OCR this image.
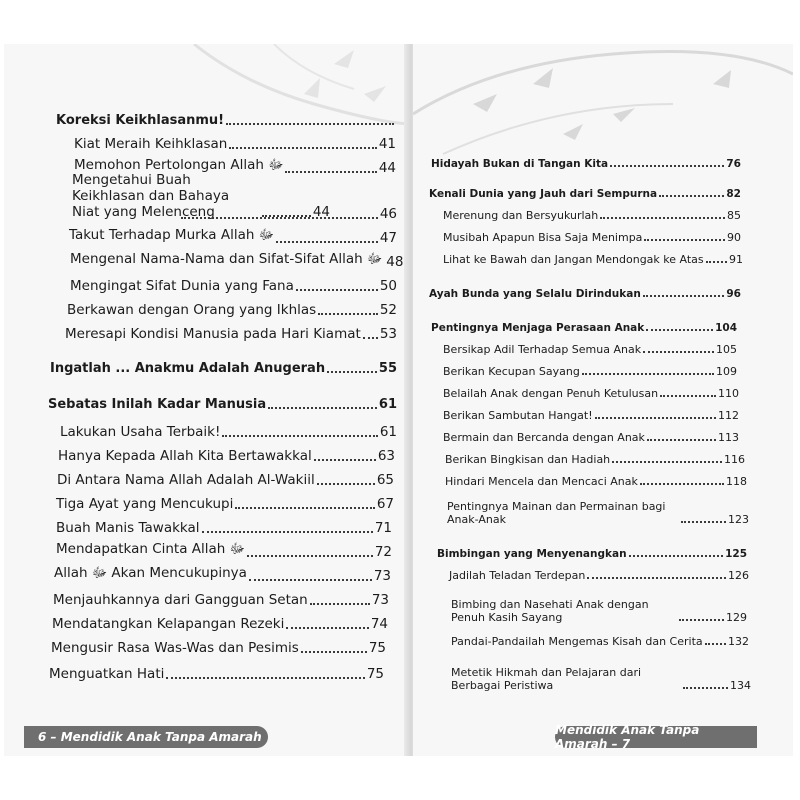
Koreksi Keikhlasanmu!
Kiat Meraih Keihklasan	41
Memohon Pertolongan Allah ﷻ	44
Mengetahui Buah Keikhlasan dan Bahaya Niat yang Melenceng	44	46
Takut Terhadap Murka Allah ﷻ	47
Mengenal Nama-Nama dan Sifat-Sifat Allah ﷻ 48
Mengingat Sifat Dunia yang Fana	50
Berkawan dengan Orang yang Ikhlas	52
Meresapi Kondisi Manusia pada Hari Kiamat 53
Ingatlah ... Anakmu Adalah Anugerah	55
Sebatas Inilah Kadar Manusia	61
Lakukan Usaha Terbaik!	61
Hanya Kepada Allah Kita Bertawakkal	63
Di Antara Nama Allah Adalah Al-Wakiil	65
Tiga Ayat yang Mencukupi	67
Buah Manis Tawakkal	71
Mendapatkan Cinta Allah ﷻ	72
Allah ﷻ Akan Mencukupinya	73
Menjauhkannya dari Gangguan Setan	73
Mendatangkan Kelapangan Rezeki	74
Mengusir Rasa Was-Was dan Pesimis	75
Menguatkan Hati	75
6 – Mendidik Anak Tanpa Amarah
Hidayah Bukan di Tangan Kita	76
Kenali Dunia yang Jauh dari Sempurna	82
Merenung dan Bersyukurlah	85
Musibah Apapun Bisa Saja Menimpa	90
Lihat ke Bawah dan Jangan Mendongak ke Atas 91
Ayah Bunda yang Selalu Dirindukan	96
Pentingnya Menjaga Perasaan Anak	104
Bersikap Adil Terhadap Semua Anak	105
Berikan Kecupan Sayang	109
Belailah Anak dengan Penuh Ketulusan	110
Berikan Sambutan Hangat!	112
Bermain dan Bercanda dengan Anak	113
Berikan Bingkisan dan Hadiah	116
Hindari Mencela dan Mencaci Anak	118
Pentingnya Mainan dan Permainan bagi Anak-Anak	123
Bimbingan yang Menyenangkan	125
Jadilah Teladan Terdepan	126
Bimbing dan Nasehati Anak dengan Penuh Kasih Sayang	129
Pandai-Pandailah Mengemas Kisah dan Cerita 132
Metetik Hikmah dan Pelajaran dari Berbagai Peristiwa	134
Mendidik Anak Tanpa Amarah – 7
